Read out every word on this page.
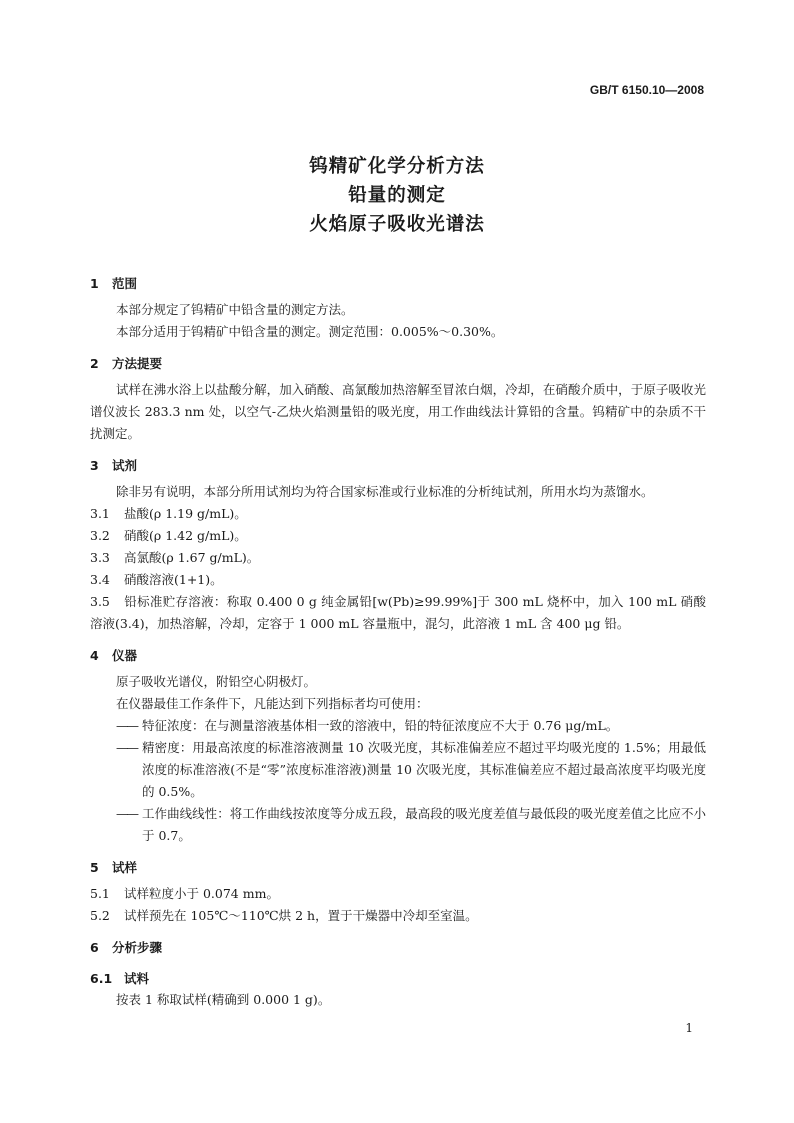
GB/T 6150.10—2008
钨精矿化学分析方法
铅量的测定
火焰原子吸收光谱法
1 范围
本部分规定了钨精矿中铅含量的测定方法。
本部分适用于钨精矿中铅含量的测定。测定范围：0.005%～0.30%。
2 方法提要
试样在沸水浴上以盐酸分解，加入硝酸、高氯酸加热溶解至冒浓白烟，冷却，在硝酸介质中，于原子吸收光谱仪波长 283.3 nm 处，以空气-乙炔火焰测量铅的吸光度，用工作曲线法计算铅的含量。钨精矿中的杂质不干扰测定。
3 试剂
除非另有说明，本部分所用试剂均为符合国家标准或行业标准的分析纯试剂，所用水均为蒸馏水。
3.1	盐酸(ρ 1.19 g/mL)。
3.2	硝酸(ρ 1.42 g/mL)。
3.3	高氯酸(ρ 1.67 g/mL)。
3.4	硝酸溶液(1+1)。
3.5 铅标准贮存溶液：称取 0.400 0 g 纯金属铅[w(Pb)≥99.99%]于 300 mL 烧杯中，加入 100 mL 硝酸溶液(3.4)，加热溶解，冷却，定容于 1 000 mL 容量瓶中，混匀，此溶液 1 mL 含 400 μg 铅。
4 仪器
原子吸收光谱仪，附铅空心阴极灯。
在仪器最佳工作条件下，凡能达到下列指标者均可使用：
—— 特征浓度：在与测量溶液基体相一致的溶液中，铅的特征浓度应不大于 0.76 μg/mL。
—— 精密度：用最高浓度的标准溶液测量 10 次吸光度，其标准偏差应不超过平均吸光度的 1.5%；用最低浓度的标准溶液(不是“零”浓度标准溶液)测量 10 次吸光度，其标准偏差应不超过最高浓度平均吸光度的 0.5%。
—— 工作曲线线性：将工作曲线按浓度等分成五段，最高段的吸光度差值与最低段的吸光度差值之比应不小于 0.7。
5 试样
5.1	试样粒度小于 0.074 mm。
5.2	试样预先在 105℃～110℃烘 2 h，置于干燥器中冷却至室温。
6 分析步骤
6.1 试料
按表 1 称取试样(精确到 0.000 1 g)。
1
